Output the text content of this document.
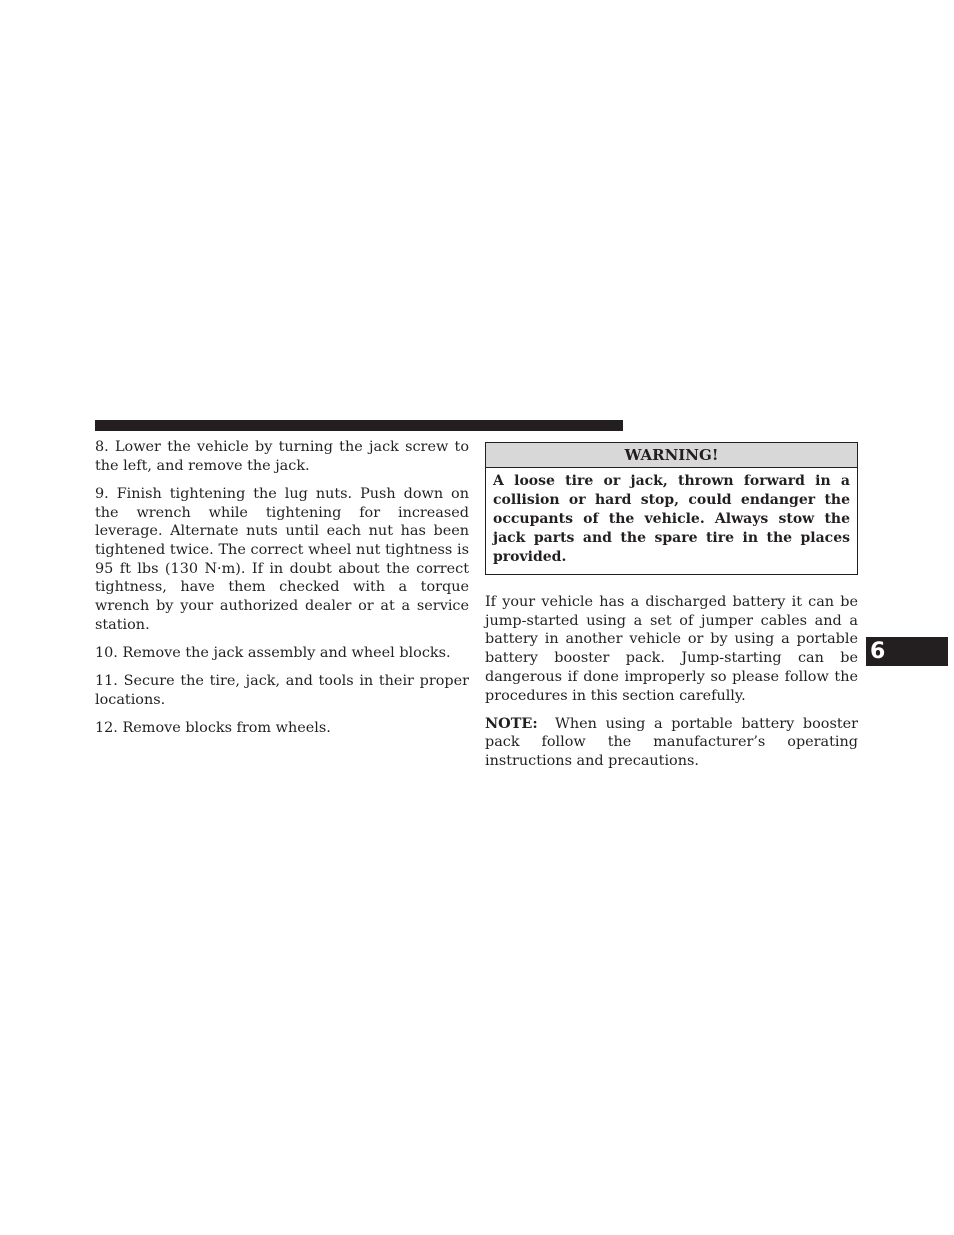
8. Lower the vehicle by turning the jack screw to the left, and remove the jack.

9. Finish tightening the lug nuts. Push down on the wrench while tightening for increased leverage. Alternate nuts until each nut has been tightened twice. The correct wheel nut tightness is 95 ft lbs (130 N·m). If in doubt about the correct tightness, have them checked with a torque wrench by your authorized dealer or at a service station.

10. Remove the jack assembly and wheel blocks.

11. Secure the tire, jack, and tools in their proper locations.

12. Remove blocks from wheels.

WARNING!
A loose tire or jack, thrown forward in a collision or hard stop, could endanger the occupants of the vehicle. Always stow the jack parts and the spare tire in the places provided.

If your vehicle has a discharged battery it can be jump-started using a set of jumper cables and a battery in another vehicle or by using a portable battery booster pack. Jump-starting can be dangerous if done improperly so please follow the procedures in this section carefully.

NOTE: When using a portable battery booster pack follow the manufacturer’s operating instructions and precautions.

6
